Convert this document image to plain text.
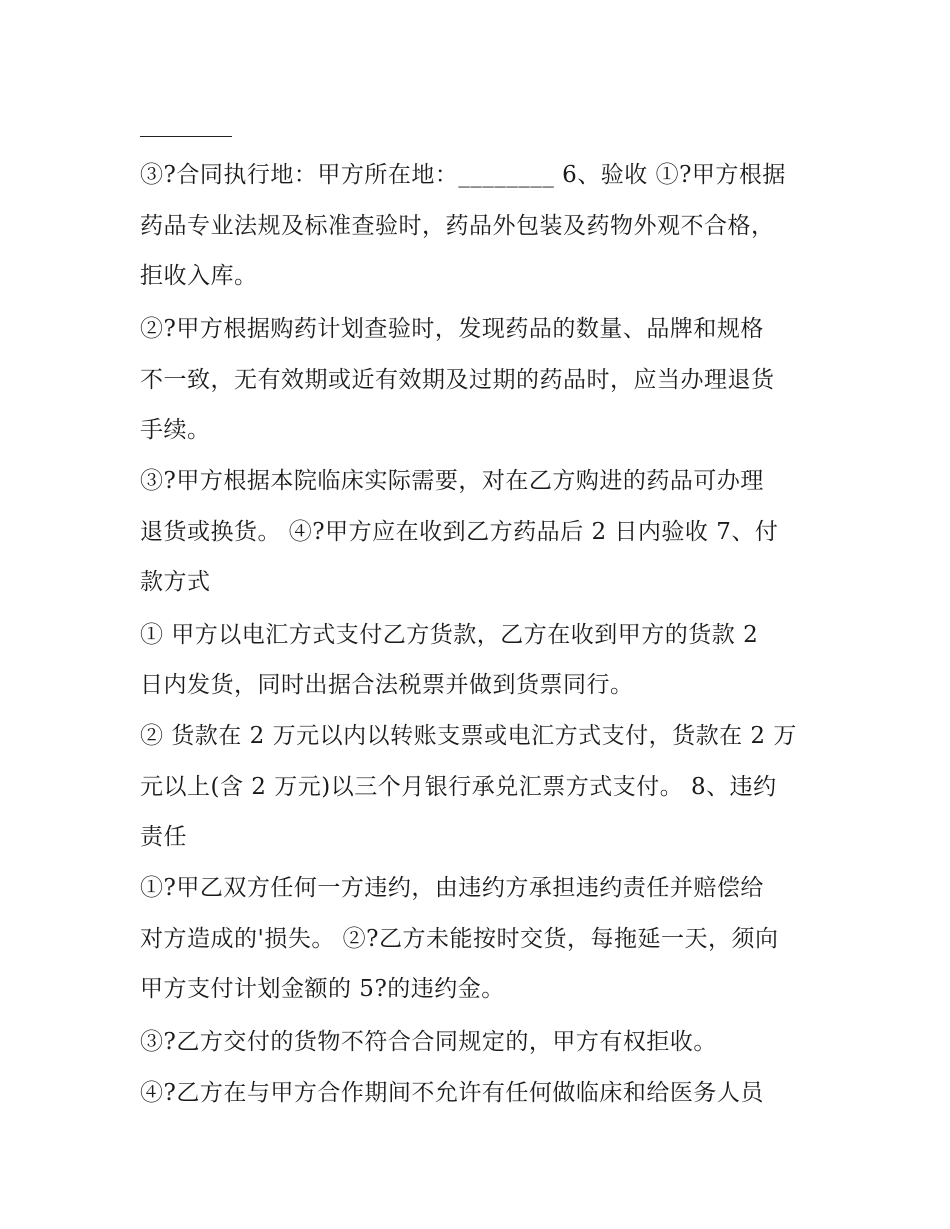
③?合同执行地：甲方所在地：________ 6、验收 ①?甲方根据
药品专业法规及标准查验时，药品外包装及药物外观不合格，
拒收入库。
②?甲方根据购药计划查验时，发现药品的数量、品牌和规格
不一致，无有效期或近有效期及过期的药品时，应当办理退货
手续。
③?甲方根据本院临床实际需要，对在乙方购进的药品可办理
退货或换货。 ④?甲方应在收到乙方药品后 2 日内验收 7、付
款方式
① 甲方以电汇方式支付乙方货款，乙方在收到甲方的货款 2
日内发货，同时出据合法税票并做到货票同行。
② 货款在 2 万元以内以转账支票或电汇方式支付，货款在 2 万
元以上(含 2 万元)以三个月银行承兑汇票方式支付。 8、违约
责任
①?甲乙双方任何一方违约，由违约方承担违约责任并赔偿给
对方造成的'损失。 ②?乙方未能按时交货，每拖延一天，须向
甲方支付计划金额的 5?的违约金。
③?乙方交付的货物不符合合同规定的，甲方有权拒收。
④?乙方在与甲方合作期间不允许有任何做临床和给医务人员
